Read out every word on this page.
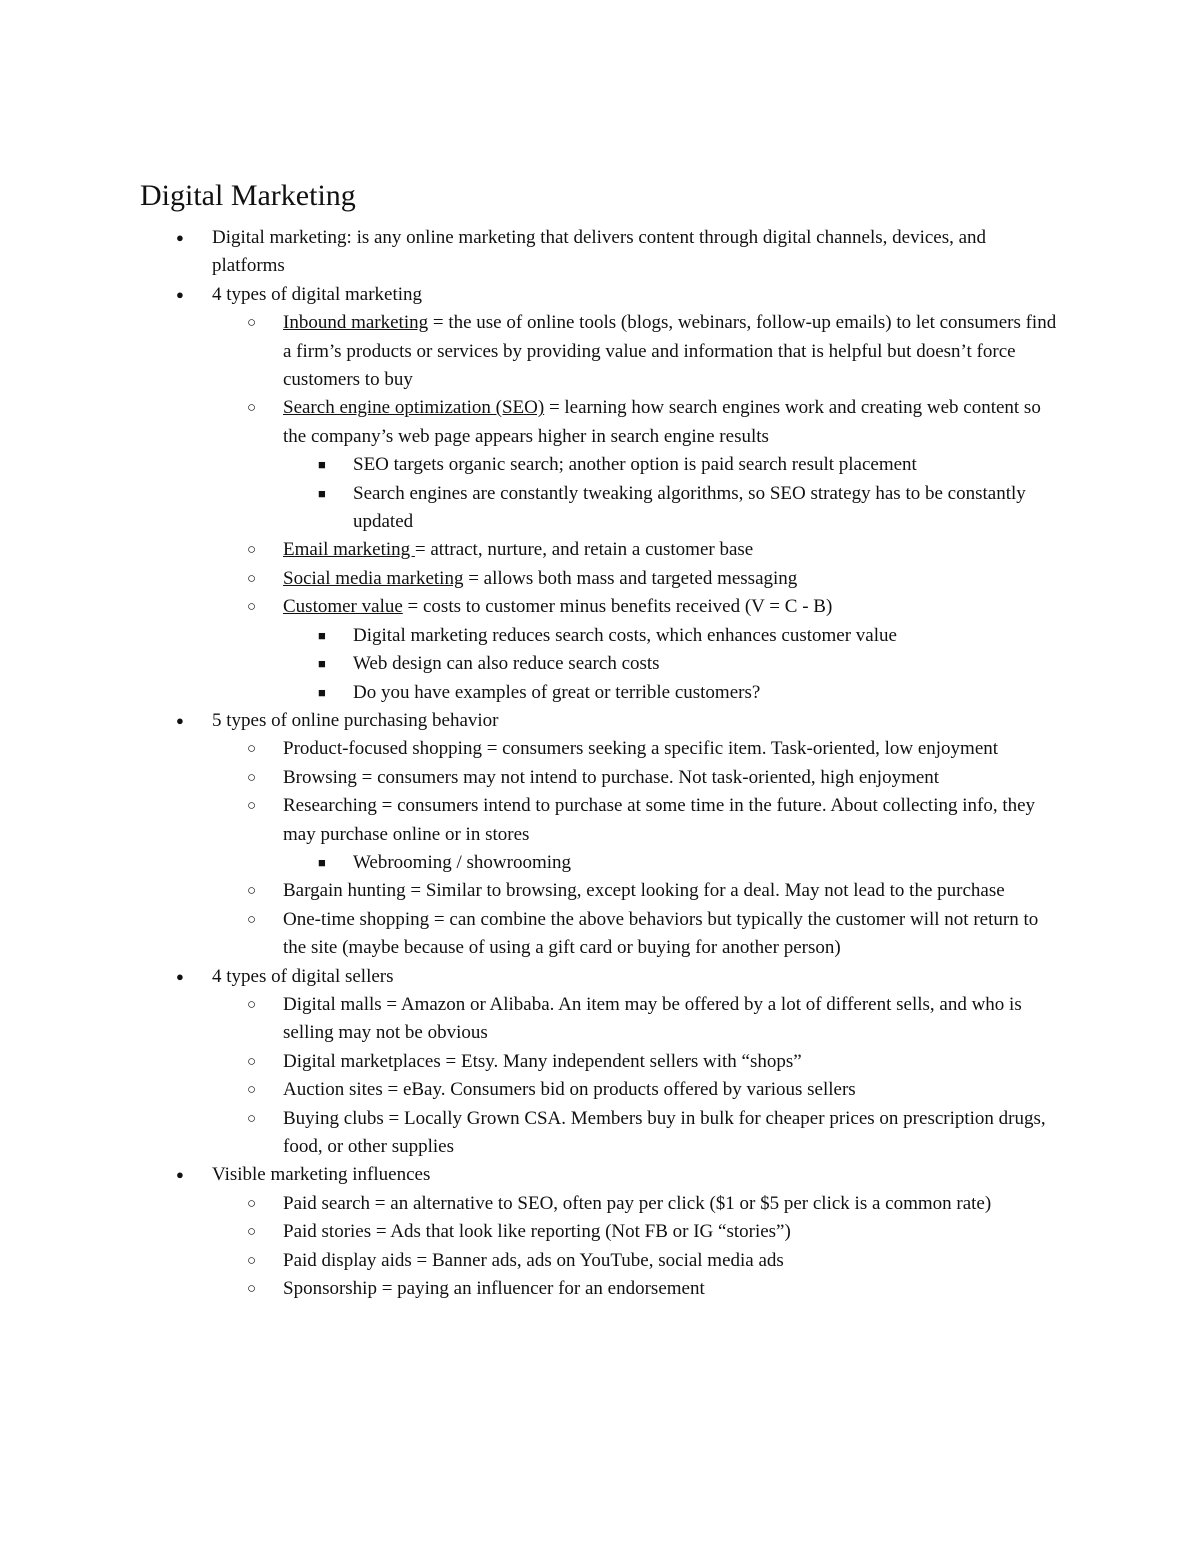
Digital Marketing
● Digital marketing: is any online marketing that delivers content through digital channels, devices, and platforms
● 4 types of digital marketing
○ Inbound marketing = the use of online tools (blogs, webinars, follow-up emails) to let consumers find a firm’s products or services by providing value and information that is helpful but doesn’t force customers to buy
○ Search engine optimization (SEO) = learning how search engines work and creating web content so the company’s web page appears higher in search engine results
■ SEO targets organic search; another option is paid search result placement
■ Search engines are constantly tweaking algorithms, so SEO strategy has to be constantly updated
○ Email marketing = attract, nurture, and retain a customer base
○ Social media marketing = allows both mass and targeted messaging
○ Customer value = costs to customer minus benefits received (V = C - B)
■ Digital marketing reduces search costs, which enhances customer value
■ Web design can also reduce search costs
■ Do you have examples of great or terrible customers?
● 5 types of online purchasing behavior
○ Product-focused shopping = consumers seeking a specific item. Task-oriented, low enjoyment
○ Browsing = consumers may not intend to purchase. Not task-oriented, high enjoyment
○ Researching = consumers intend to purchase at some time in the future. About collecting info, they may purchase online or in stores
■ Webrooming / showrooming
○ Bargain hunting = Similar to browsing, except looking for a deal. May not lead to the purchase
○ One-time shopping = can combine the above behaviors but typically the customer will not return to the site (maybe because of using a gift card or buying for another person)
● 4 types of digital sellers
○ Digital malls = Amazon or Alibaba. An item may be offered by a lot of different sells, and who is selling may not be obvious
○ Digital marketplaces = Etsy. Many independent sellers with “shops”
○ Auction sites = eBay. Consumers bid on products offered by various sellers
○ Buying clubs = Locally Grown CSA. Members buy in bulk for cheaper prices on prescription drugs, food, or other supplies
● Visible marketing influences
○ Paid search = an alternative to SEO, often pay per click ($1 or $5 per click is a common rate)
○ Paid stories = Ads that look like reporting (Not FB or IG “stories”)
○ Paid display aids = Banner ads, ads on YouTube, social media ads
○ Sponsorship = paying an influencer for an endorsement
